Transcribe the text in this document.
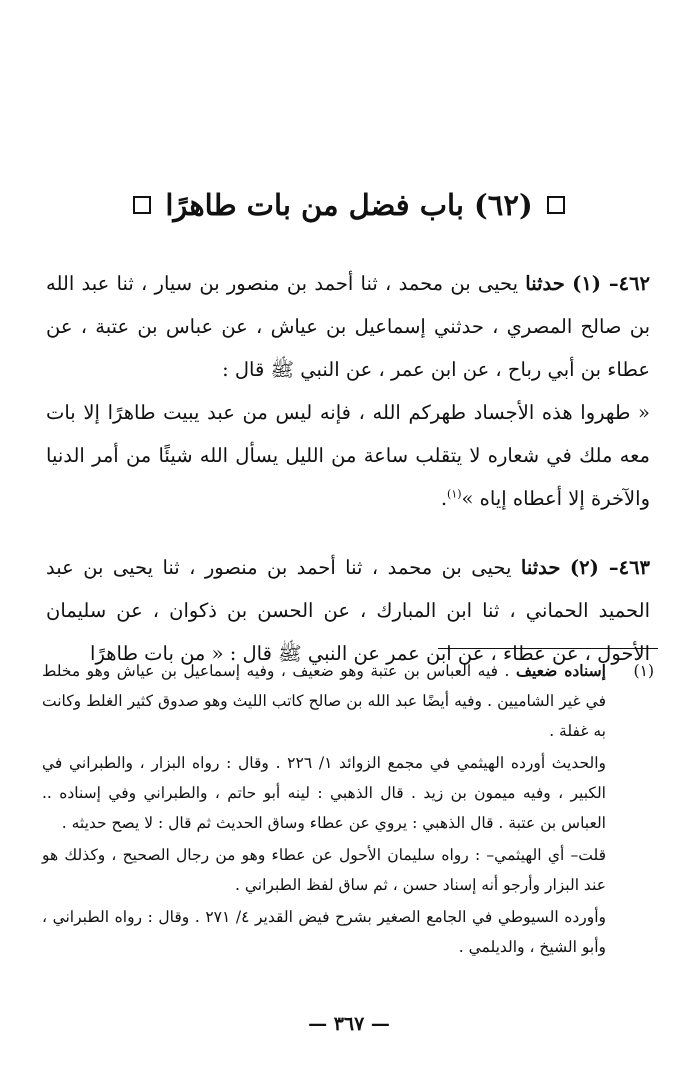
(٦٢) باب فضل من بات طاهرًا

٤٦٢– (١) حدثنا يحيى بن محمد ، ثنا أحمد بن منصور بن سيار ، ثنا عبد الله بن صالح المصري ، حدثني إسماعيل بن عياش ، عن عباس بن عتبة ، عن عطاء بن أبي رباح ، عن ابن عمر ، عن النبي ﷺ قال :
« طهروا هذه الأجساد طهركم الله ، فإنه ليس من عبد يبيت طاهرًا إلا بات معه ملك في شعاره لا يتقلب ساعة من الليل يسأل الله شيئًا من أمر الدنيا والآخرة إلا أعطاه إياه »$^{(١)}$.

٤٦٣– (٢) حدثنا يحيى بن محمد ، ثنا أحمد بن منصور ، ثنا يحيى بن عبد الحميد الحماني ، ثنا ابن المبارك ، عن الحسن بن ذكوان ، عن سليمان الأحول ، عن عطاء ، عن ابن عمر عن النبي ﷺ قال : « من بات طاهرًا

(١)

إسناده ضعيف . فيه العباس بن عتبة وهو ضعيف ، وفيه إسماعيل بن عياش وهو مخلط في غير الشاميين . وفيه أيضًا عبد الله بن صالح كاتب الليث وهو صدوق كثير الغلط وكانت به غفلة .

والحديث أورده الهيثمي في مجمع الزوائد ١/ ٢٢٦ . وقال : رواه البزار ، والطبراني في الكبير ، وفيه ميمون بن زيد . قال الذهبي : لينه أبو حاتم ، والطبراني وفي إسناده .. العباس بن عتبة . قال الذهبي : يروي عن عطاء وساق الحديث ثم قال : لا يصح حديثه .

قلت– أي الهيثمي– : رواه سليمان الأحول عن عطاء وهو من رجال الصحيح ، وكذلك هو عند البزار وأرجو أنه إسناد حسن ، ثم ساق لفظ الطبراني .

وأورده السيوطي في الجامع الصغير بشرح فيض القدير ٤/ ٢٧١ . وقال : رواه الطبراني ، وأبو الشيخ ، والديلمي .

— ٣٦٧ —
